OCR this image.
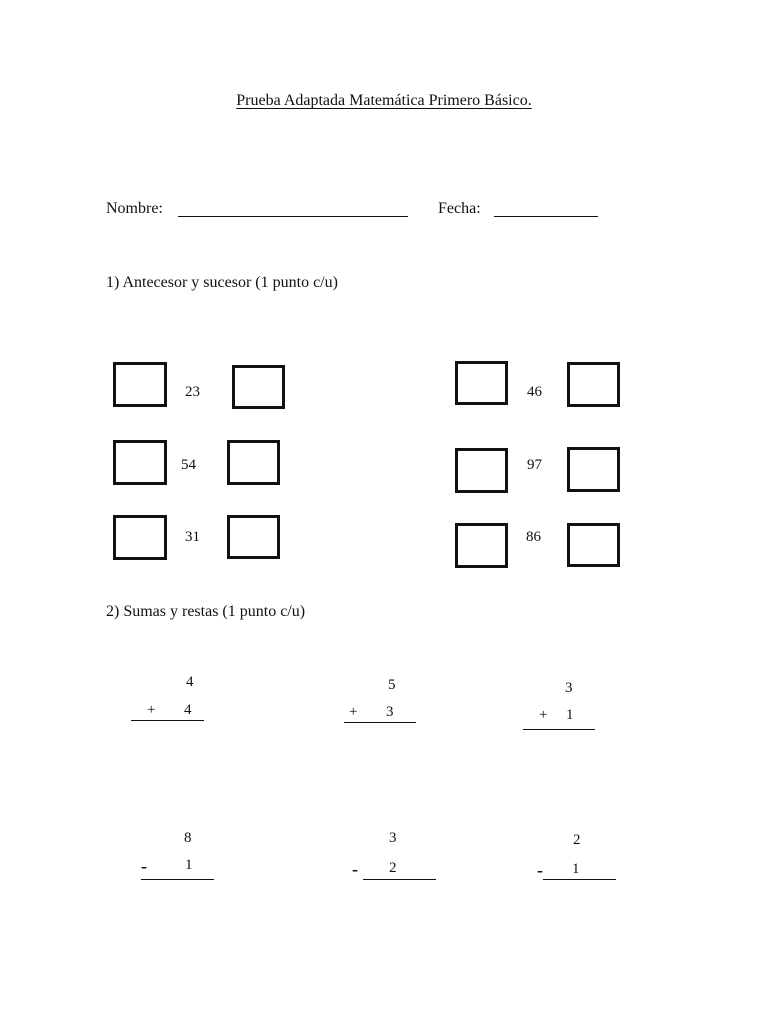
Prueba Adaptada Matemática Primero Básico.
Nombre:	Fecha:
1) Antecesor y sucesor (1 punto c/u)
23
54
31
46
97
86
2) Sumas y restas (1 punto c/u)
4
+ 4
5
+ 3
3
+ 1
8
-	1
3
- 2
2
- 1
